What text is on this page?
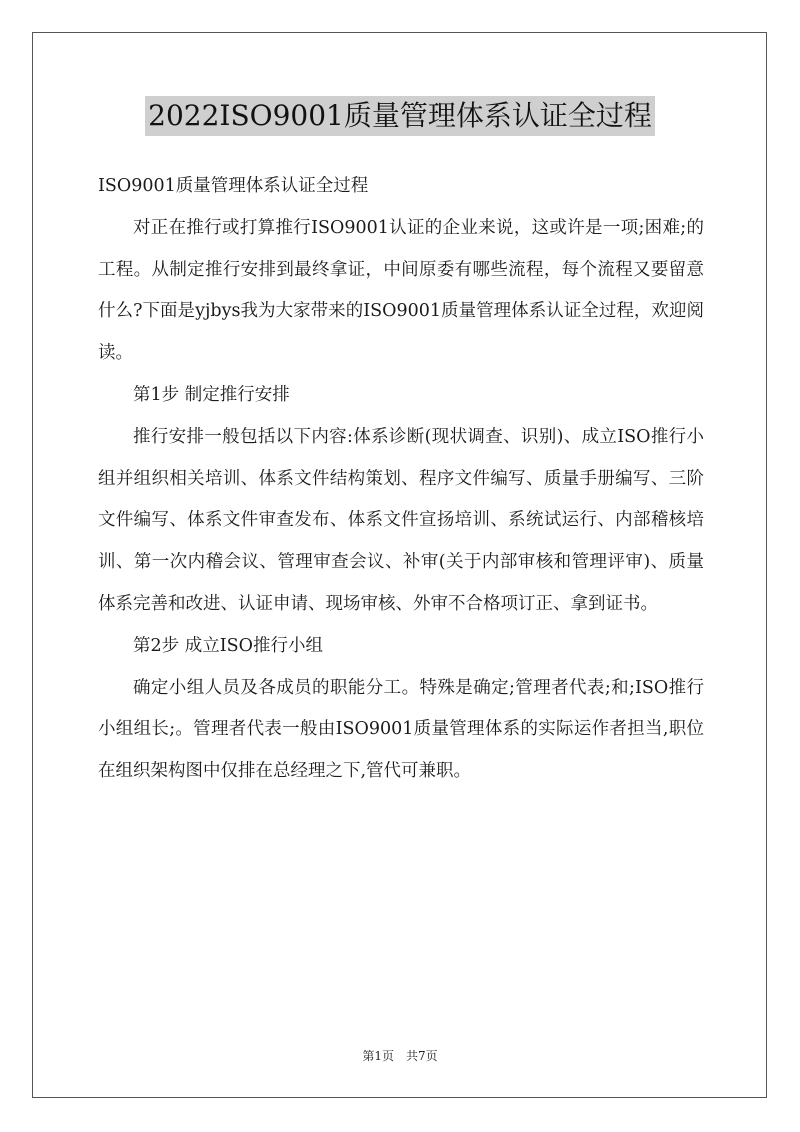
2022ISO9001质量管理体系认证全过程

ISO9001质量管理体系认证全过程

对正在推行或打算推行ISO9001认证的企业来说，这或许是一项;困难;的工程。从制定推行安排到最终拿证，中间原委有哪些流程，每个流程又要留意什么?下面是yjbys我为大家带来的ISO9001质量管理体系认证全过程，欢迎阅读。

第1步 制定推行安排

推行安排一般包括以下内容:体系诊断(现状调查、识别)、成立ISO推行小组并组织相关培训、体系文件结构策划、程序文件编写、质量手册编写、三阶文件编写、体系文件审查发布、体系文件宣扬培训、系统试运行、内部稽核培训、第一次内稽会议、管理审查会议、补审(关于内部审核和管理评审)、质量体系完善和改进、认证申请、现场审核、外审不合格项订正、拿到证书。

第2步 成立ISO推行小组

确定小组人员及各成员的职能分工。特殊是确定;管理者代表;和;ISO推行小组组长;。管理者代表一般由ISO9001质量管理体系的实际运作者担当,职位在组织架构图中仅排在总经理之下,管代可兼职。

第1页　共7页
